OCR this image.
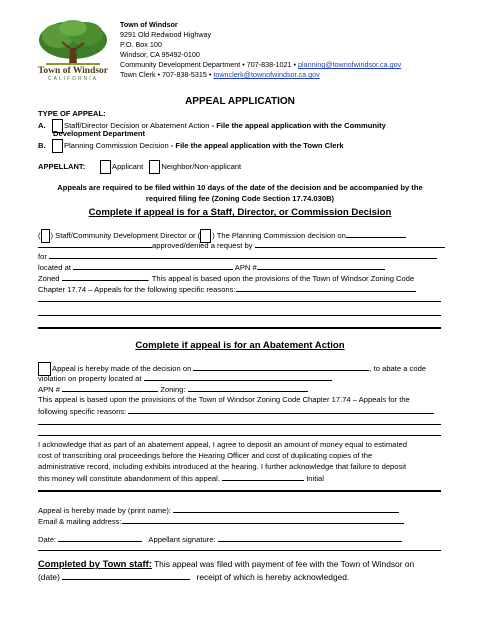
Town of Windsor
CALIFORNIA
Town of Windsor
9291 Old Redwood Highway
P.O. Box 100
Windsor, CA 95492-0100
Community Development Department • 707-838-1021 • planning@townofwindsor.ca.gov
Town Clerk • 707-838-5315 • townclerk@townofwindsor.ca.gov
APPEAL APPLICATION
TYPE OF APPEAL:
A. Staff/Director Decision or Abatement Action - File the appeal application with the Community
Development Department
B. Planning Commission Decision - File the appeal application with the Town Clerk
APPELLANT:	Applicant Neighbor/Non-applicant
Appeals are required to be filed within 10 days of the date of the decision and be accompanied by the
required filing fee (Zoning Code Section 17.74.030B)
Complete if appeal is for a Staff, Director, or Commission Decision
( ) Staff/Community Development Director or ( ) The Planning Commission decision on
approved/denied a request by
for
located at	APN #
Zoned	. This appeal is based upon the provisions of the Town of Windsor Zoning Code
Chapter 17.74 – Appeals for the following specific reasons:
Complete if appeal is for an Abatement Action
Appeal is hereby made of the decision on	, to abate a code
violation on property located at
APN #	Zoning:
This appeal is based upon the provisions of the Town of Windsor Zoning Code Chapter 17.74 – Appeals for the
following specific reasons:
I acknowledge that as part of an abatement appeal, I agree to deposit an amount of money equal to estimated
cost of transcribing oral proceedings before the Hearing Officer and cost of duplicating copies of the
administrative record, including exhibits introduced at the hearing. I further acknowledge that failure to deposit
this money will constitute abandonment of this appeal.	Initial
Appeal is hereby made by (print name):
Email & mailing address:
Date:	Appellant signature:
Completed by Town staff: This appeal was filed with payment of fee with the Town of Windsor on
(date)	receipt of which is hereby acknowledged.
